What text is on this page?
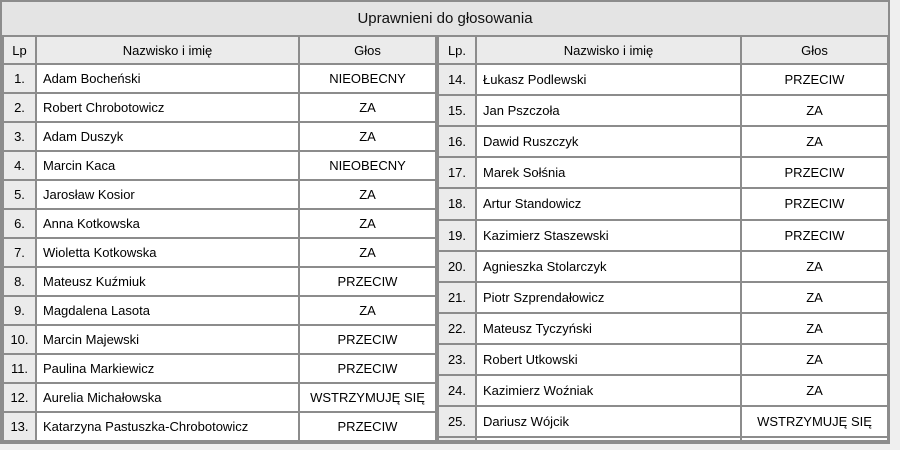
Uprawnieni do głosowania
Lp	Nazwisko i imię	Głos
1.	Adam Bocheński	NIEOBECNY
2.	Robert Chrobotowicz	ZA
3.	Adam Duszyk	ZA
4.	Marcin Kaca	NIEOBECNY
5.	Jarosław Kosior	ZA
6.	Anna Kotkowska	ZA
7.	Wioletta Kotkowska	ZA
8.	Mateusz Kuźmiuk	PRZECIW
9.	Magdalena Lasota	ZA
10.	Marcin Majewski	PRZECIW
11.	Paulina Markiewicz	PRZECIW
12.	Aurelia Michałowska	WSTRZYMUJĘ SIĘ
13.	Katarzyna Pastuszka-Chrobotowicz	PRZECIW
Lp.	Nazwisko i imię	Głos
14.	Łukasz Podlewski	PRZECIW
15.	Jan Pszczoła	ZA
16.	Dawid Ruszczyk	ZA
17.	Marek Sołśnia	PRZECIW
18.	Artur Standowicz	PRZECIW
19.	Kazimierz Staszewski	PRZECIW
20.	Agnieszka Stolarczyk	ZA
21.	Piotr Szprendałowicz	ZA
22.	Mateusz Tyczyński	ZA
23.	Robert Utkowski	ZA
24.	Kazimierz Woźniak	ZA
25.	Dariusz Wójcik	WSTRZYMUJĘ SIĘ
